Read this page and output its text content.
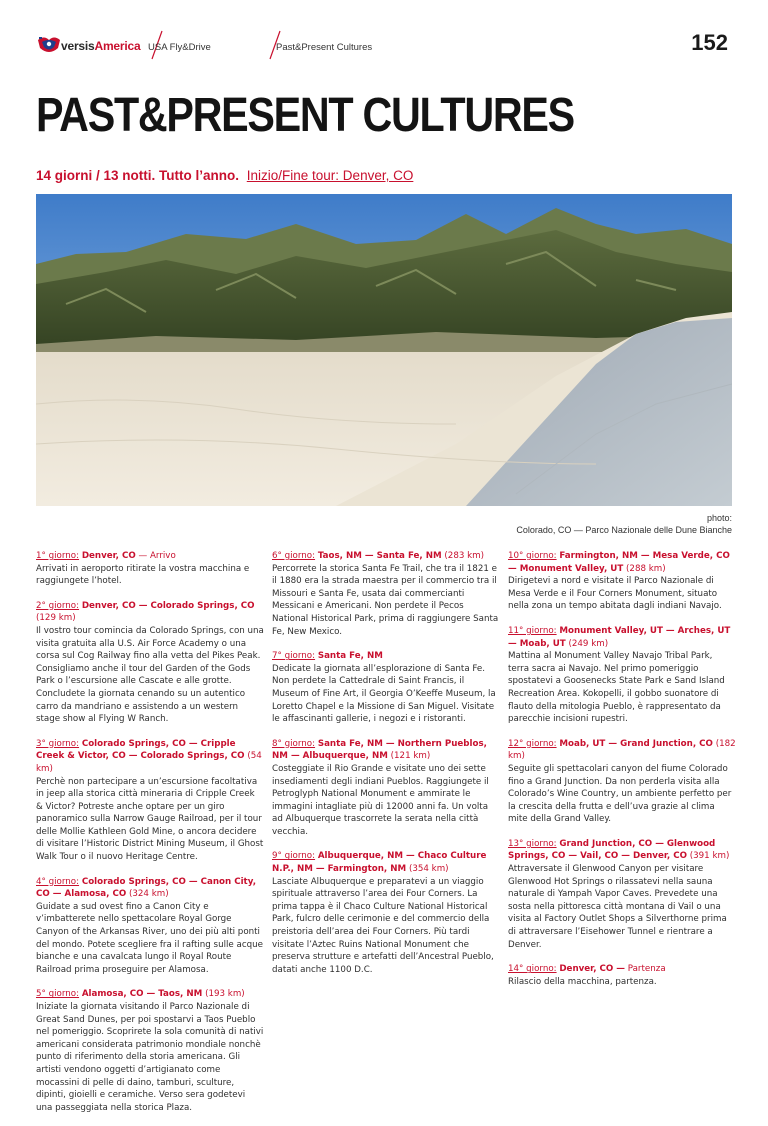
versisAmerica USA Fly&Drive	Past&Present Cultures	152
PAST&PRESENT CULTURES
14 giorni / 13 notti. Tutto l’anno. Inizio/Fine tour: Denver, CO
photo:
Colorado, CO — Parco Nazionale delle Dune Bianche
1° giorno: Denver, CO — Arrivo
Arrivati in aeroporto ritirate la vostra macchina e raggiungete l’hotel.
2° giorno: Denver, CO — Colorado Springs, CO (129 km)
Il vostro tour comincia da Colorado Springs, con una visita gratuita alla U.S. Air Force Academy o una corsa sul Cog Railway fino alla vetta del Pikes Peak. Consigliamo anche il tour del Garden of the Gods Park o l’escursione alle Cascate e alle grotte. Concludete la giornata cenando su un autentico carro da mandriano e assistendo a un western stage show al Flying W Ranch.
3° giorno: Colorado Springs, CO — Cripple Creek & Victor, CO — Colorado Springs, CO (54 km)
Perchè non partecipare a un’escursione facoltativa in jeep alla storica città mineraria di Cripple Creek & Victor? Potreste anche optare per un giro panoramico sulla Narrow Gauge Railroad, per il tour delle Mollie Kathleen Gold Mine, o ancora decidere di visitare l’Historic District Mining Museum, il Ghost Walk Tour o il nuovo Heritage Centre.
4° giorno: Colorado Springs, CO — Canon City, CO — Alamosa, CO (324 km)
Guidate a sud ovest fino a Canon City e v’imbatterete nello spettacolare Royal Gorge Canyon of the Arkansas River, uno dei più alti ponti del mondo. Potete scegliere fra il rafting sulle acque bianche e una cavalcata lungo il Royal Route Railroad prima proseguire per Alamosa.
5° giorno: Alamosa, CO — Taos, NM (193 km)
Iniziate la giornata visitando il Parco Nazionale di Great Sand Dunes, per poi spostarvi a Taos Pueblo nel pomeriggio. Scoprirete la sola comunità di nativi americani considerata patrimonio mondiale nonchè punto di riferimento della storia americana. Gli artisti vendono oggetti d’artigianato come mocassini di pelle di daino, tamburi, sculture, dipinti, gioielli e ceramiche. Verso sera godetevi una passeggiata nella storica Plaza.
6° giorno: Taos, NM — Santa Fe, NM (283 km)
Percorrete la storica Santa Fe Trail, che tra il 1821 e il 1880 era la strada maestra per il commercio tra il Missouri e Santa Fe, usata dai commercianti Messicani e Americani. Non perdete il Pecos National Historical Park, prima di raggiungere Santa Fe, New Mexico.
7° giorno: Santa Fe, NM
Dedicate la giornata all’esplorazione di Santa Fe. Non perdete la Cattedrale di Saint Francis, il Museum of Fine Art, il Georgia O’Keeffe Museum, la Loretto Chapel e la Missione di San Miguel. Visitate le affascinanti gallerie, i negozi e i ristoranti.
8° giorno: Santa Fe, NM — Northern Pueblos, NM — Albuquerque, NM (121 km)
Costeggiate il Rio Grande e visitate uno dei sette insediamenti degli indiani Pueblos. Raggiungete il Petroglyph National Monument e ammirate le immagini intagliate più di 12000 anni fa. Un volta ad Albuquerque trascorrete la serata nella città vecchia.
9° giorno: Albuquerque, NM — Chaco Culture N.P., NM — Farmington, NM (354 km)
Lasciate Albuquerque e preparatevi a un viaggio spirituale attraverso l’area dei Four Corners. La prima tappa è il Chaco Culture National Historical Park, fulcro delle cerimonie e del commercio della preistoria dell’area dei Four Corners. Più tardi visitate l’Aztec Ruins National Monument che preserva strutture e artefatti dell’Ancestral Pueblo, datati anche 1100 D.C.
10° giorno: Farmington, NM — Mesa Verde, CO — Monument Valley, UT (288 km)
Dirigetevi a nord e visitate il Parco Nazionale di Mesa Verde e il Four Corners Monument, situato nella zona un tempo abitata dagli indiani Navajo.
11° giorno: Monument Valley, UT — Arches, UT — Moab, UT (249 km)
Mattina al Monument Valley Navajo Tribal Park, terra sacra ai Navajo. Nel primo pomeriggio spostatevi a Goosenecks State Park e Sand Island Recreation Area. Kokopelli, il gobbo suonatore di flauto della mitologia Pueblo, è rappresentato da parecchie incisioni rupestri.
12° giorno: Moab, UT — Grand Junction, CO (182 km)
Seguite gli spettacolari canyon del fiume Colorado fino a Grand Junction. Da non perderla visita alla Colorado’s Wine Country, un ambiente perfetto per la crescita della frutta e dell’uva grazie al clima mite della Grand Valley.
13° giorno: Grand Junction, CO — Glenwood Springs, CO — Vail, CO — Denver, CO (391 km)
Attraversate il Glenwood Canyon per visitare Glenwood Hot Springs o rilassatevi nella sauna naturale di Yampah Vapor Caves. Prevedete una sosta nella pittoresca città montana di Vail o una visita al Factory Outlet Shops a Silverthorne prima di attraversare l’Eisehower Tunnel e rientrare a Denver.
14° giorno: Denver, CO — Partenza
Rilascio della macchina, partenza.
